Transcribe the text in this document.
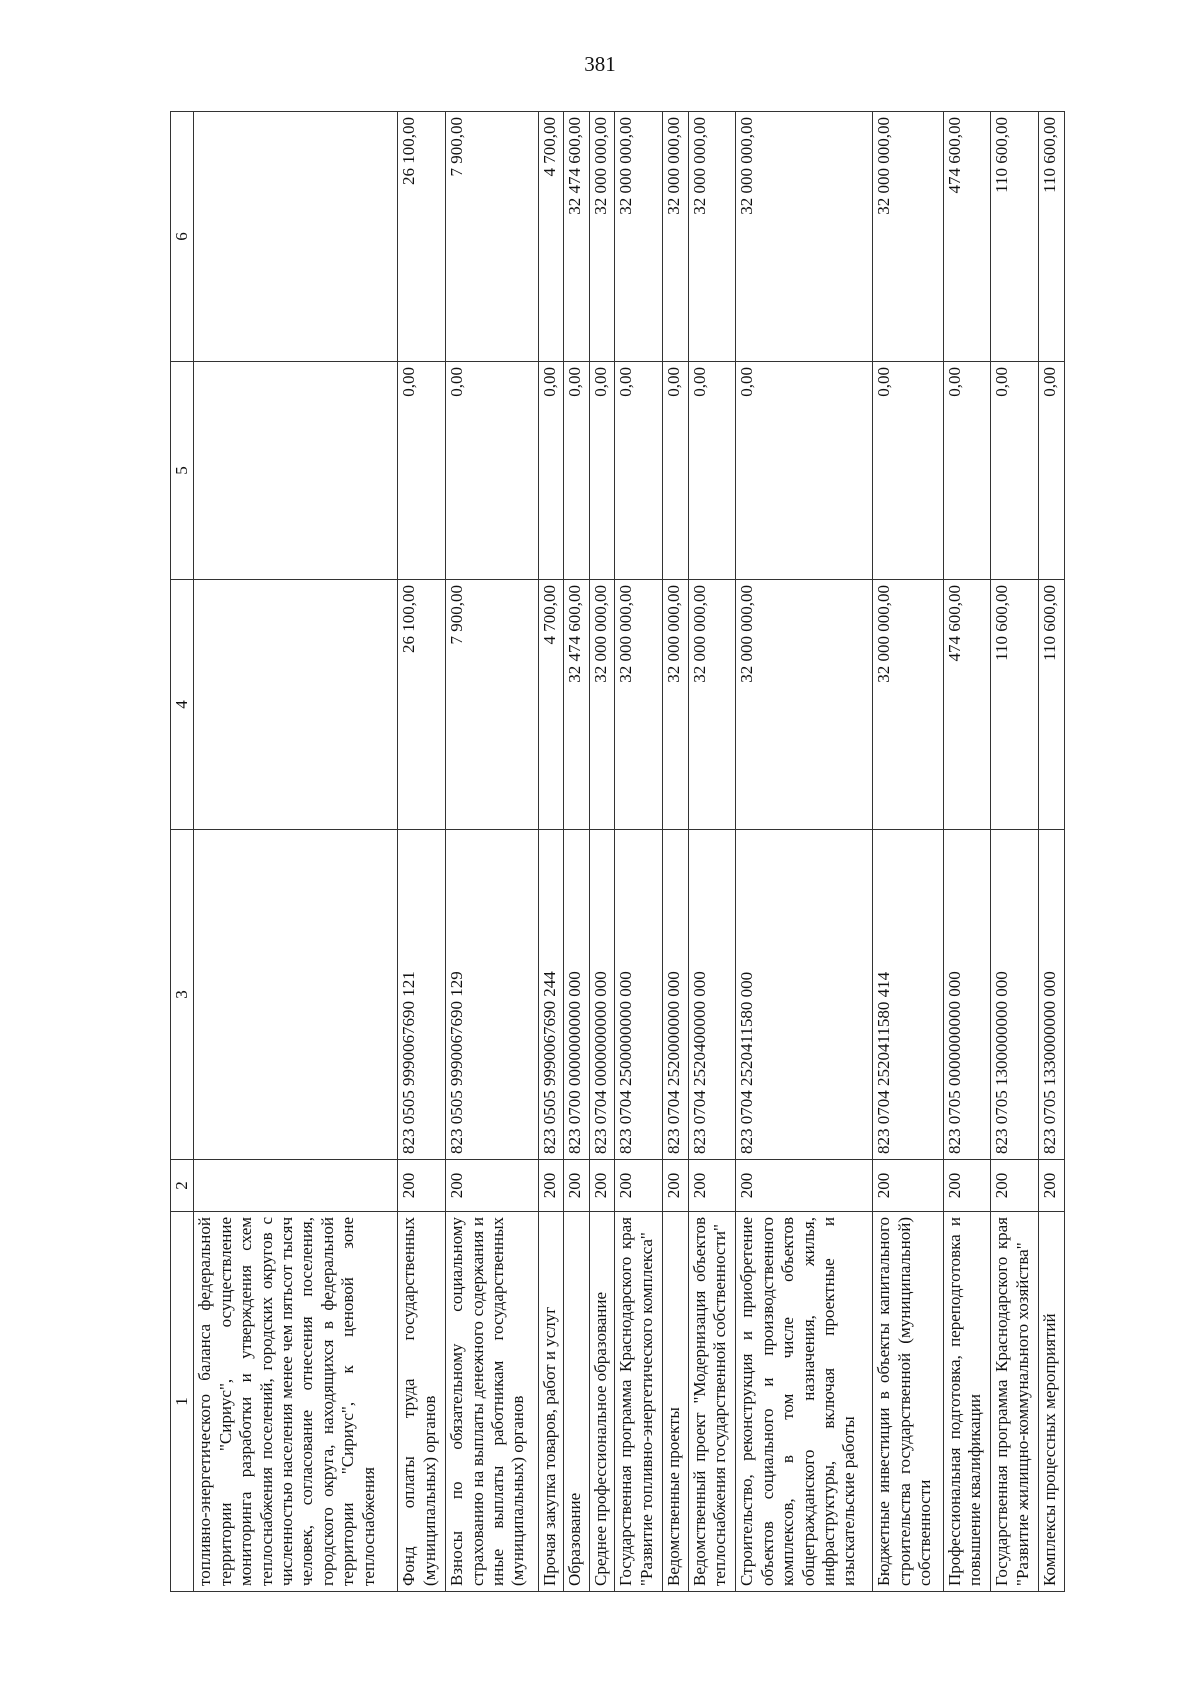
381
1	2	3	4	5	6
топливно-энергетического баланса федеральной территории "Сириус", осуществление мониторинга разработки и утверждения схем теплоснабжения поселений, городских округов с численностью населения менее чем пятьсот тысяч человек, согласование отнесения поселения, городского округа, находящихся в федеральной территории "Сириус", к ценовой зоне теплоснабжения					
Фонд оплаты труда государственных (муниципальных) органов	200	823 0505 9990067690 121	26 100,00	0,00	26 100,00
Взносы по обязательному социальному страхованию на выплаты денежного содержания и иные выплаты работникам государственных (муниципальных) органов	200	823 0505 9990067690 129	7 900,00	0,00	7 900,00
Прочая закупка товаров, работ и услуг	200	823 0505 9990067690 244	4 700,00	0,00	4 700,00
Образование	200	823 0700 0000000000 000	32 474 600,00	0,00	32 474 600,00
Среднее профессиональное образование	200	823 0704 0000000000 000	32 000 000,00	0,00	32 000 000,00
Государственная программа Краснодарского края "Развитие топливно-энергетического комплекса"	200	823 0704 2500000000 000	32 000 000,00	0,00	32 000 000,00
Ведомственные проекты	200	823 0704 2520000000 000	32 000 000,00	0,00	32 000 000,00
Ведомственный проект "Модернизация объектов теплоснабжения государственной собственности"	200	823 0704 2520400000 000	32 000 000,00	0,00	32 000 000,00
Строительство, реконструкция и приобретение объектов социального и производственного комплексов, в том числе объектов общегражданского назначения, жилья, инфраструктуры, включая проектные и изыскательские работы	200	823 0704 2520411580 000	32 000 000,00	0,00	32 000 000,00
Бюджетные инвестиции в объекты капитального строительства государственной (муниципальной) собственности	200	823 0704 2520411580 414	32 000 000,00	0,00	32 000 000,00
Профессиональная подготовка, переподготовка и повышение квалификации	200	823 0705 0000000000 000	474 600,00	0,00	474 600,00
Государственная программа Краснодарского края "Развитие жилищно-коммунального хозяйства"	200	823 0705 1300000000 000	110 600,00	0,00	110 600,00
Комплексы процессных мероприятий	200	823 0705 1330000000 000	110 600,00	0,00	110 600,00
